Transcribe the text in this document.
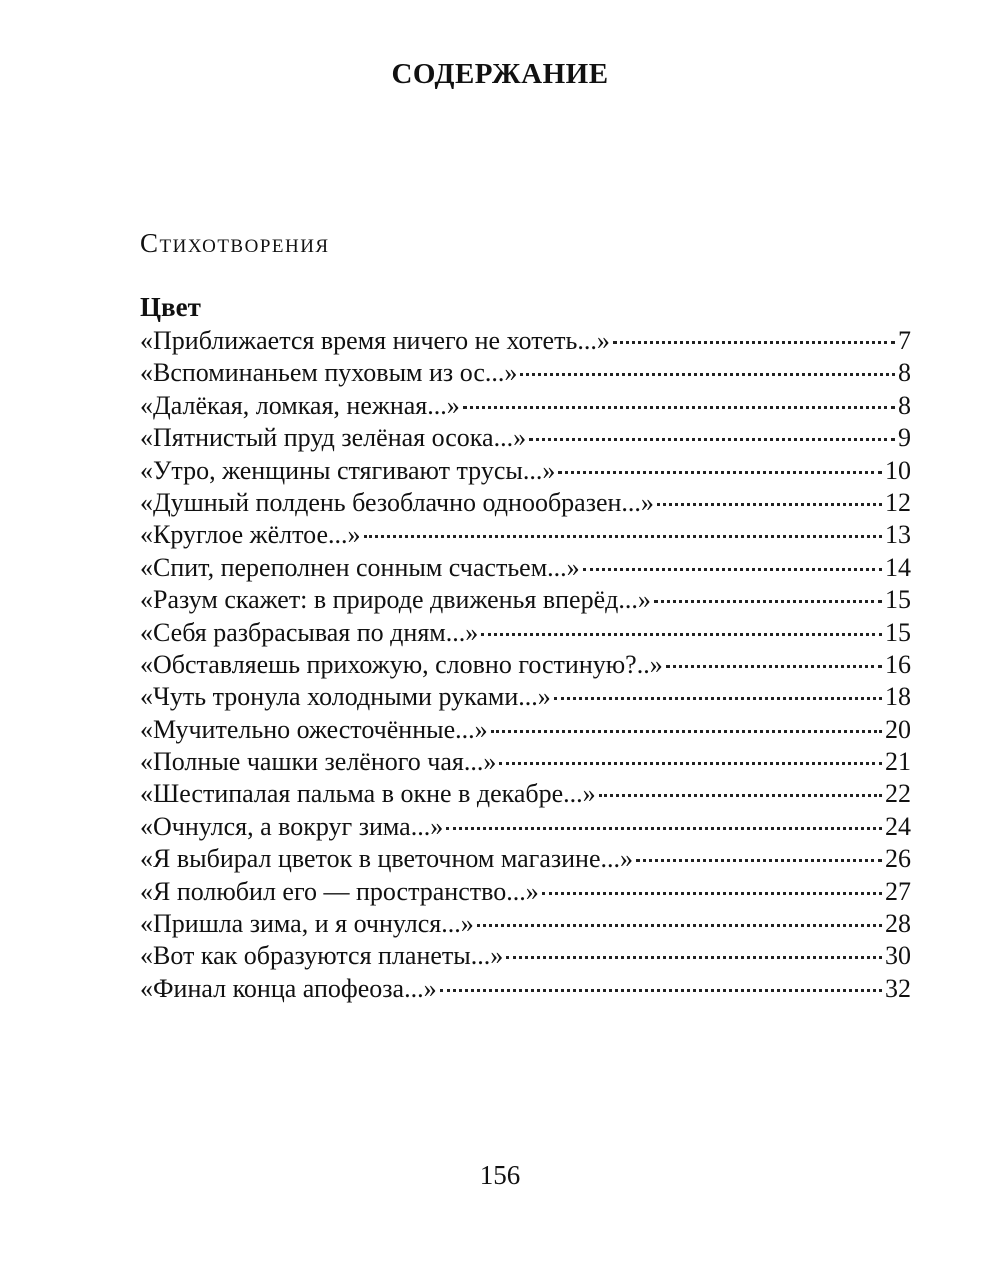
СОДЕРЖАНИЕ
Стихотворения
Цвет
«Приближается время ничего не хотеть...»	7
«Вспоминаньем пуховым из ос...»	8
«Далёкая, ломкая, нежная...»	8
«Пятнистый пруд зелёная осока...»	9
«Утро, женщины стягивают трусы...»	10
«Душный полдень безоблачно однообразен...»	12
«Круглое жёлтое...»	13
«Спит, переполнен сонным счастьем...»	14
«Разум скажет: в природе движенья вперёд...»	15
«Себя разбрасывая по дням...»	15
«Обставляешь прихожую, словно гостиную?..»	16
«Чуть тронула холодными руками...»	18
«Мучительно ожесточённые...»	20
«Полные чашки зелёного чая...»	21
«Шестипалая пальма в окне в декабре...»	22
«Очнулся, а вокруг зима...»	24
«Я выбирал цветок в цветочном магазине...»	26
«Я полюбил его — пространство...»	27
«Пришла зима, и я очнулся...»	28
«Вот как образуются планеты...»	30
«Финал конца апофеоза...»	32
156
